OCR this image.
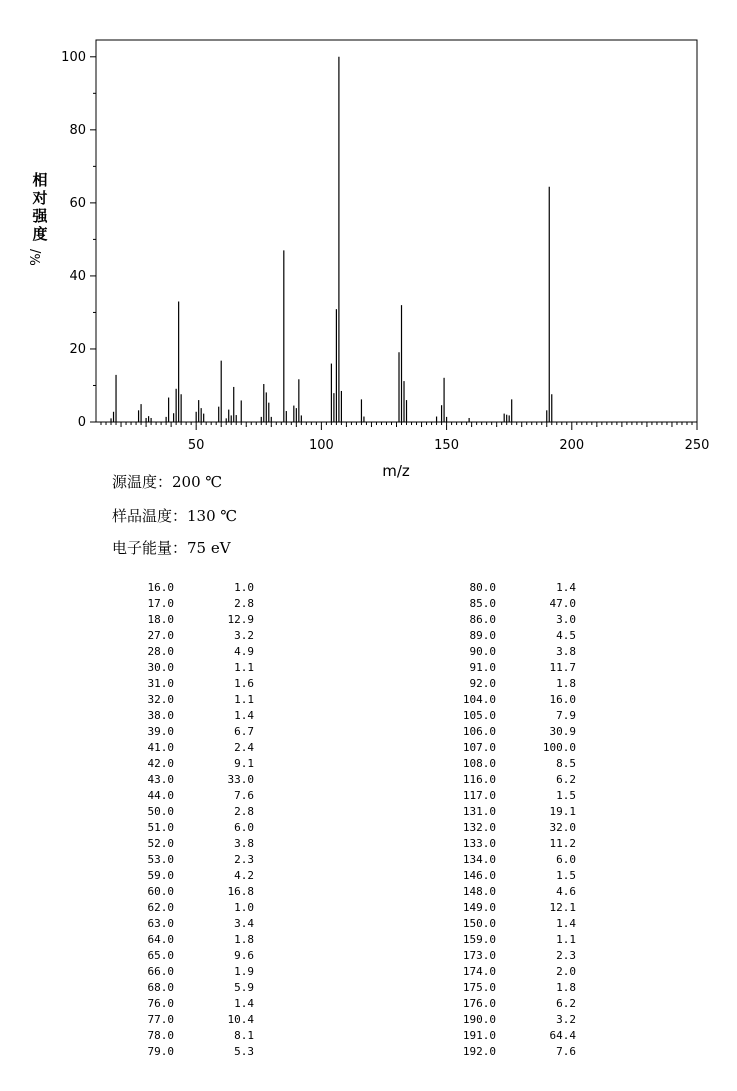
0
20
40
60
80
100
50	100	150	200	250
m/z
相
对
强
度
%/
源温度：200 ℃
样品温度：130 ℃
电子能量：75 eV
16.0	1.0
17.0	2.8
18.0	12.9
27.0	3.2
28.0	4.9
30.0	1.1
31.0	1.6
32.0	1.1
38.0	1.4
39.0	6.7
41.0	2.4
42.0	9.1
43.0	33.0
44.0	7.6
50.0	2.8
51.0	6.0
52.0	3.8
53.0	2.3
59.0	4.2
60.0	16.8
62.0	1.0
63.0	3.4
64.0	1.8
65.0	9.6
66.0	1.9
68.0	5.9
76.0	1.4
77.0	10.4
78.0	8.1
79.0	5.3
80.0	1.4
85.0	47.0
86.0	3.0
89.0	4.5
90.0	3.8
91.0	11.7
92.0	1.8
104.0	16.0
105.0	7.9
106.0	30.9
107.0	100.0
108.0	8.5
116.0	6.2
117.0	1.5
131.0	19.1
132.0	32.0
133.0	11.2
134.0	6.0
146.0	1.5
148.0	4.6
149.0	12.1
150.0	1.4
159.0	1.1
173.0	2.3
174.0	2.0
175.0	1.8
176.0	6.2
190.0	3.2
191.0	64.4
192.0	7.6
